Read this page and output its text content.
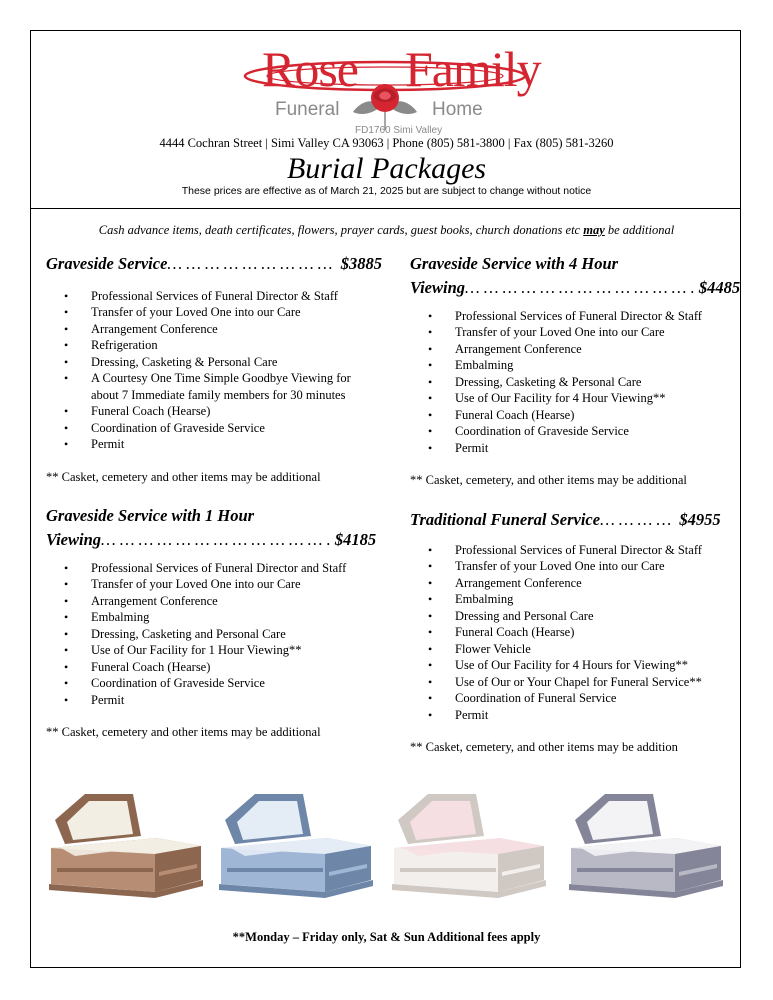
Rose Family
Funeral	Home
FD1760 Simi Valley
4444 Cochran Street | Simi Valley CA 93063 | Phone (805) 581-3800 | Fax (805) 581-3260
Burial Packages
These prices are effective as of March 21, 2025 but are subject to change without notice
Cash advance items, death certificates, flowers, prayer cards, guest books, church donations etc may be additional

Graveside Service… … … … … … … … … $3885

• Professional Services of Funeral Director & Staff
• Transfer of your Loved One into our Care
• Arrangement Conference
• Refrigeration
• Dressing, Casketing & Personal Care
• A Courtesy One Time Simple Goodbye Viewing for about 7 Immediate family members for 30 minutes
• Funeral Coach (Hearse)
• Coordination of Graveside Service
• Permit
** Casket, cemetery and other items may be additional

Graveside Service with 4 Hour
Viewing… … … … … … … … … … … … . $4485

• Professional Services of Funeral Director & Staff
• Transfer of your Loved One into our Care
• Arrangement Conference
• Embalming
• Dressing, Casketing & Personal Care
• Use of Our Facility for 4 Hour Viewing**
• Funeral Coach (Hearse)
• Coordination of Graveside Service
• Permit
** Casket, cemetery, and other items may be additional

Graveside Service with 1 Hour
Viewing… … … … … … … … … … … … . $4185

• Professional Services of Funeral Director and Staff
• Transfer of your Loved One into our Care
• Arrangement Conference
• Embalming
• Dressing, Casketing and Personal Care
• Use of Our Facility for 1 Hour Viewing**
• Funeral Coach (Hearse)
• Coordination of Graveside Service
• Permit
** Casket, cemetery and other items may be additional

Traditional Funeral Service… … … … $4955

• Professional Services of Funeral Director & Staff
• Transfer of your Loved One into our Care
• Arrangement Conference
• Embalming
• Dressing and Personal Care
• Funeral Coach (Hearse)
• Flower Vehicle
• Use of Our Facility for 4 Hours for Viewing**
• Use of Our or Your Chapel for Funeral Service**
• Coordination of Funeral Service
• Permit
** Casket, cemetery, and other items may be addition
**Monday – Friday only, Sat & Sun Additional fees apply
